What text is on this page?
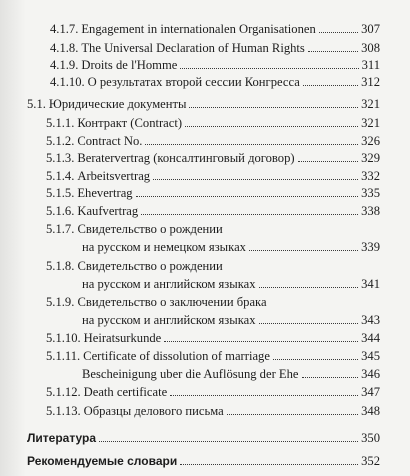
4.1.7. Engagement in internationalen Organisationen	307
4.1.8. The Universal Declaration of Human Rights	308
4.1.9. Droits de l'Homme	311
4.1.10. О результатах второй сессии Конгресса	312
5.1. Юридические документы	321
5.1.1. Контракт (Contract)	321
5.1.2. Contract No.	326
5.1.3. Beratervertrag (консалтинговый договор)	329
5.1.4. Arbeitsvertrag	332
5.1.5. Ehevertrag	335
5.1.6. Kaufvertrag	338
5.1.7. Свидетельство о рождении
на русском и немецком языках	339
5.1.8. Свидетельство о рождении
на русском и английском языках	341
5.1.9. Свидетельство о заключении брака
на русском и английском языках	343
5.1.10. Heiratsurkunde	344
5.1.11. Certificate of dissolution of marriage	345
Bescheinigung uber die Auflösung der Ehe	346
5.1.12. Death certificate	347
5.1.13. Образцы делового письма	348
Литература	350
Рекомендуемые словари	352
